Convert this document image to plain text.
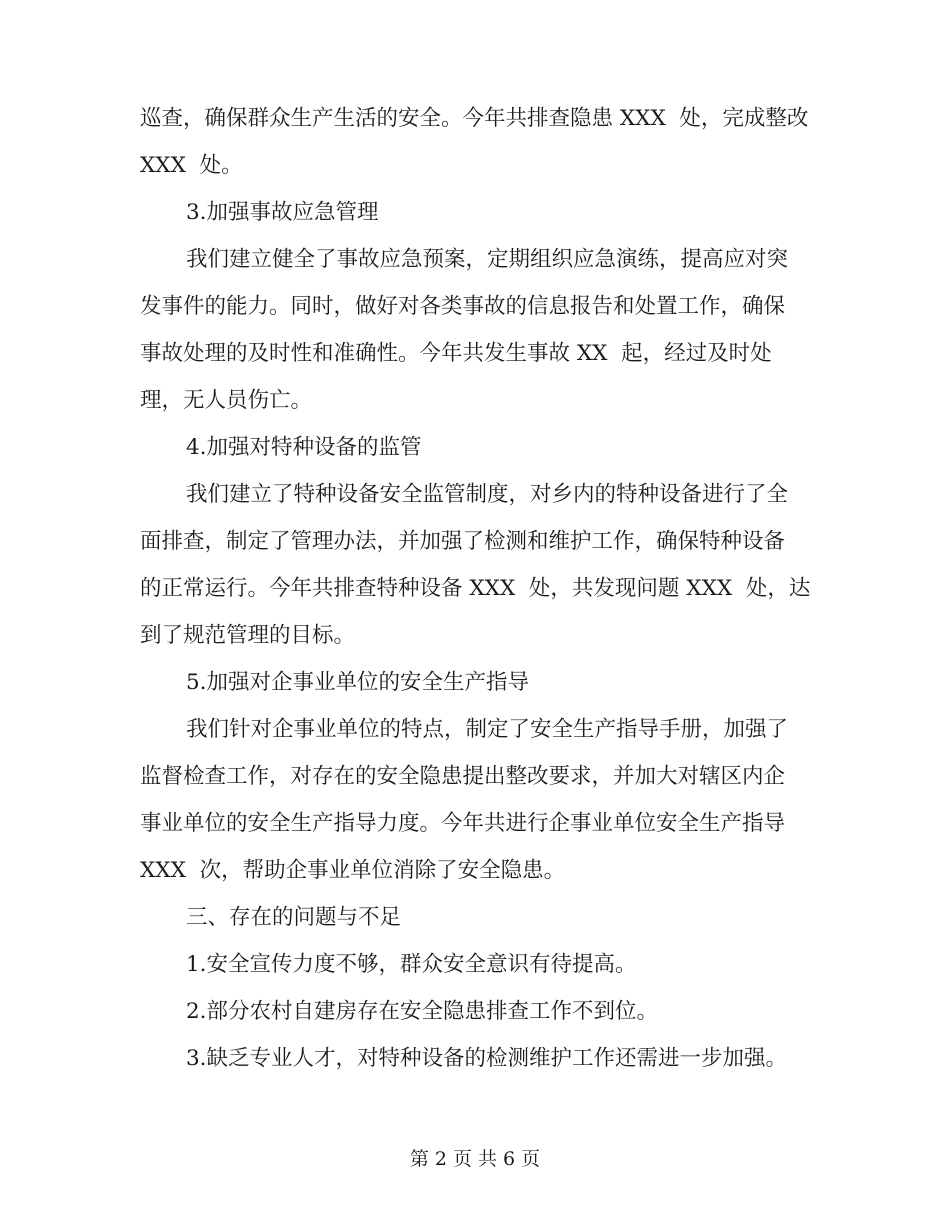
巡查，确保群众生产生活的安全。今年共排查隐患 XXX  处，完成整改
XXX  处。
3.加强事故应急管理
我们建立健全了事故应急预案，定期组织应急演练，提高应对突
发事件的能力。同时，做好对各类事故的信息报告和处置工作，确保
事故处理的及时性和准确性。今年共发生事故 XX  起，经过及时处
理，无人员伤亡。
4.加强对特种设备的监管
我们建立了特种设备安全监管制度，对乡内的特种设备进行了全
面排查，制定了管理办法，并加强了检测和维护工作，确保特种设备
的正常运行。今年共排查特种设备 XXX  处，共发现问题 XXX  处，达
到了规范管理的目标。
5.加强对企事业单位的安全生产指导
我们针对企事业单位的特点，制定了安全生产指导手册，加强了
监督检查工作，对存在的安全隐患提出整改要求，并加大对辖区内企
事业单位的安全生产指导力度。今年共进行企事业单位安全生产指导
XXX  次，帮助企事业单位消除了安全隐患。
三、存在的问题与不足
1.安全宣传力度不够，群众安全意识有待提高。
2.部分农村自建房存在安全隐患排查工作不到位。
3.缺乏专业人才，对特种设备的检测维护工作还需进一步加强。
第 2 页 共 6 页
